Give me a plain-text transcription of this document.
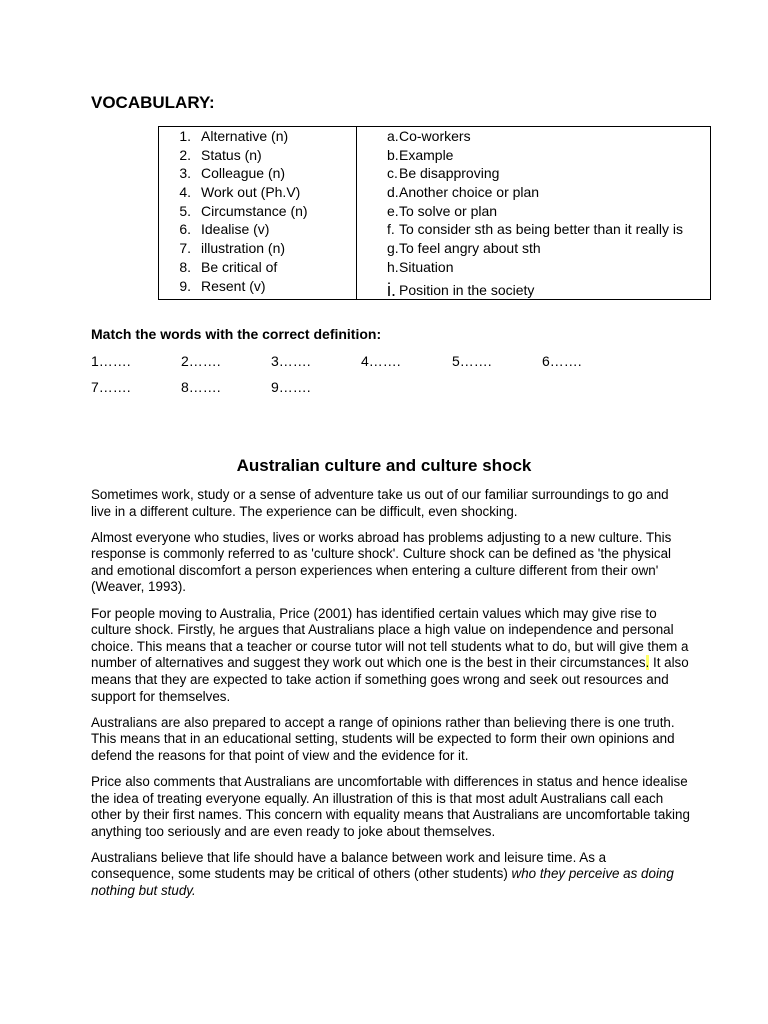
VOCABULARY:
1. Alternative (n)
2. Status (n)
3. Colleague (n)
4. Work out (Ph.V)
5. Circumstance (n)
6. Idealise (v)
7. illustration (n)
8. Be critical of
9. Resent (v)
a. Co-workers
b. Example
c. Be disapproving
d. Another choice or plan
e. To solve or plan
f. To consider sth as being better than it really is
g. To feel angry about sth
h. Situation
i. Position in the society

Match the words with the correct definition:

1…….	2…….	3…….	4…….	5…….	6…….
7…….	8…….	9…….
Australian culture and culture shock

Sometimes work, study or a sense of adventure take us out of our familiar surroundings to go and live in a different culture. The experience can be difficult, even shocking.

Almost everyone who studies, lives or works abroad has problems adjusting to a new culture. This response is commonly referred to as 'culture shock'. Culture shock can be defined as 'the physical and emotional discomfort a person experiences when entering a culture different from their own' (Weaver, 1993).

For people moving to Australia, Price (2001) has identified certain values which may give rise to culture shock. Firstly, he argues that Australians place a high value on independence and personal choice. This means that a teacher or course tutor will not tell students what to do, but will give them a number of alternatives and suggest they work out which one is the best in their circumstances. It also means that they are expected to take action if something goes wrong and seek out resources and support for themselves.

Australians are also prepared to accept a range of opinions rather than believing there is one truth. This means that in an educational setting, students will be expected to form their own opinions and defend the reasons for that point of view and the evidence for it.

Price also comments that Australians are uncomfortable with differences in status and hence idealise the idea of treating everyone equally. An illustration of this is that most adult Australians call each other by their first names. This concern with equality means that Australians are uncomfortable taking anything too seriously and are even ready to joke about themselves.

Australians believe that life should have a balance between work and leisure time. As a consequence, some students may be critical of others (other students) who they perceive as doing nothing but study.
